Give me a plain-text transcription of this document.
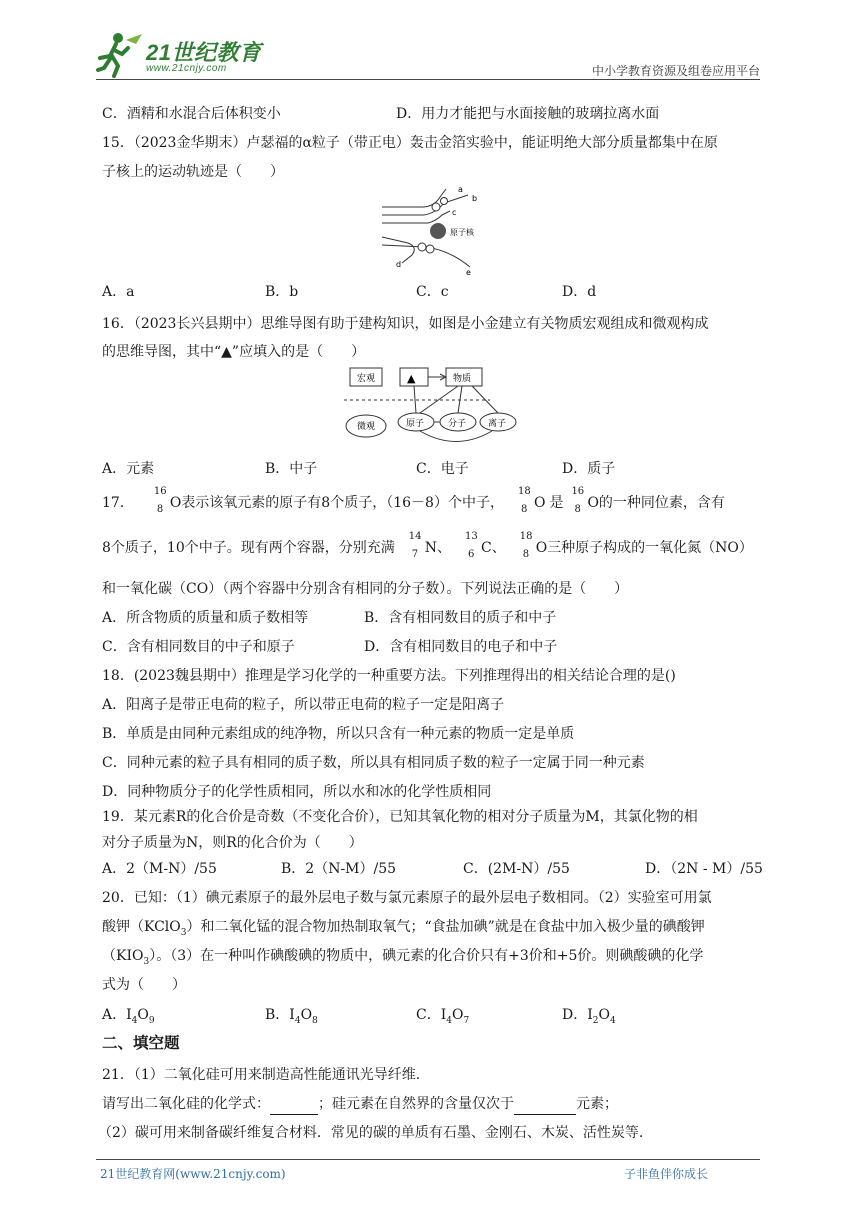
21世纪教育
www.21cnjy.com	中小学教育资源及组卷应用平台
C．酒精和水混合后体积变小	D．用力才能把与水面接触的玻璃拉离水面
15．（2023金华期末）卢瑟福的α粒子（带正电）轰击金箔实验中，能证明绝大部分质量都集中在原
子核上的运动轨迹是（　　）
a
b
c
d
e
原子核
A．a	B．b	C．c	D．d
16．（2023长兴县期中）思维导图有助于建构知识，如图是小金建立有关物质宏观组成和微观构成
的思维导图，其中“▲”应填入的是（　　）
宏观	▲	物质
微观	原子	分子 离子
A．元素	B．中子	C．电子	D．质子
17．
16
8 O 表示该氧元素的原子有8个质子，（16－8）个中子，
18
8 O 是
16
8 O 的一种同位素，含有
8个质子，10个中子。现有两个容器，分别充满
14
7 N 、
13
6 C 、
18
8 O 三种原子构成的一氧化氮（NO）
和一氧化碳（CO）（两个容器中分别含有相同的分子数）。下列说法正确的是（　　）
A．所含物质的质量和质子数相等	B．含有相同数目的质子和中子
C．含有相同数目的中子和原子	D．含有相同数目的电子和中子
18．(2023魏县期中）推理是学习化学的一种重要方法。下列推理得出的相关结论合理的是()
A．阳离子是带正电荷的粒子，所以带正电荷的粒子一定是阳离子
B．单质是由同种元素组成的纯净物，所以只含有一种元素的物质一定是单质
C．同种元素的粒子具有相同的质子数，所以具有相同质子数的粒子一定属于同一种元素
D．同种物质分子的化学性质相同，所以水和冰的化学性质相同
19．某元素R的化合价是奇数（不变化合价），已知其氧化物的相对分子质量为M，其氯化物的相
对分子质量为N，则R的化合价为（　　）
A．2（M-N）/55	B．2（N-M）/55	C．(2M-N）/55	D．（2N - M）/55
20．已知：（1）碘元素原子的最外层电子数与氯元素原子的最外层电子数相同。（2）实验室可用氯
酸钾（KClO$_3$）和二氧化锰的混合物加热制取氧气；“食盐加碘”就是在食盐中加入极少量的碘酸钾
$(KIO_3)$。（3）在一种叫作碘酸碘的物质中，碘元素的化合价只有+3价和+5价。则碘酸碘的化学
式为（　　）
A．$I_4O_9$	B．$I_4O_8$	C．$I_4O_7$	D．$I_2O_4$
二、填空题
21．（1）二氧化硅可用来制造高性能通讯光导纤维.
请写出二氧化硅的化学式：	；硅元素在自然界的含量仅次于	元素；
（2）碳可用来制备碳纤维复合材料．常见的碳的单质有石墨、金刚石、木炭、活性炭等.
21世纪教育网(www.21cnjy.com)	子非鱼伴你成长
